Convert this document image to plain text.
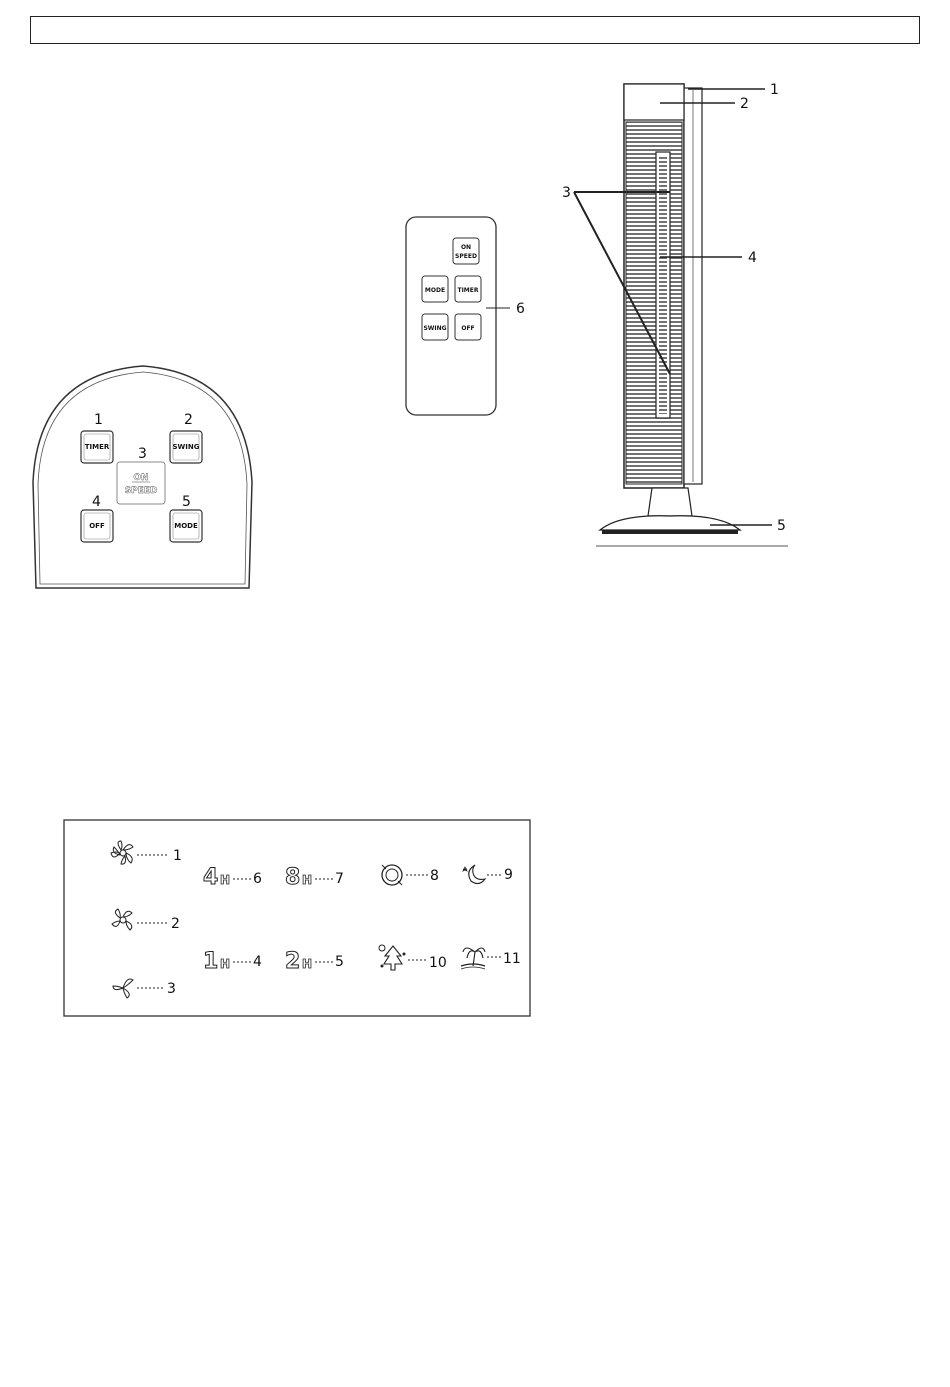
1	2
3
4	5
TIMER	SWING
ON
SPEED
OFF	MODE
ON
SPEED
MODE TIMER
SWING OFF
6
1
2
3
4
5
1
2
3
4 H 6 8 H 7
1 H 4 2 H 5
8	9
10	11
